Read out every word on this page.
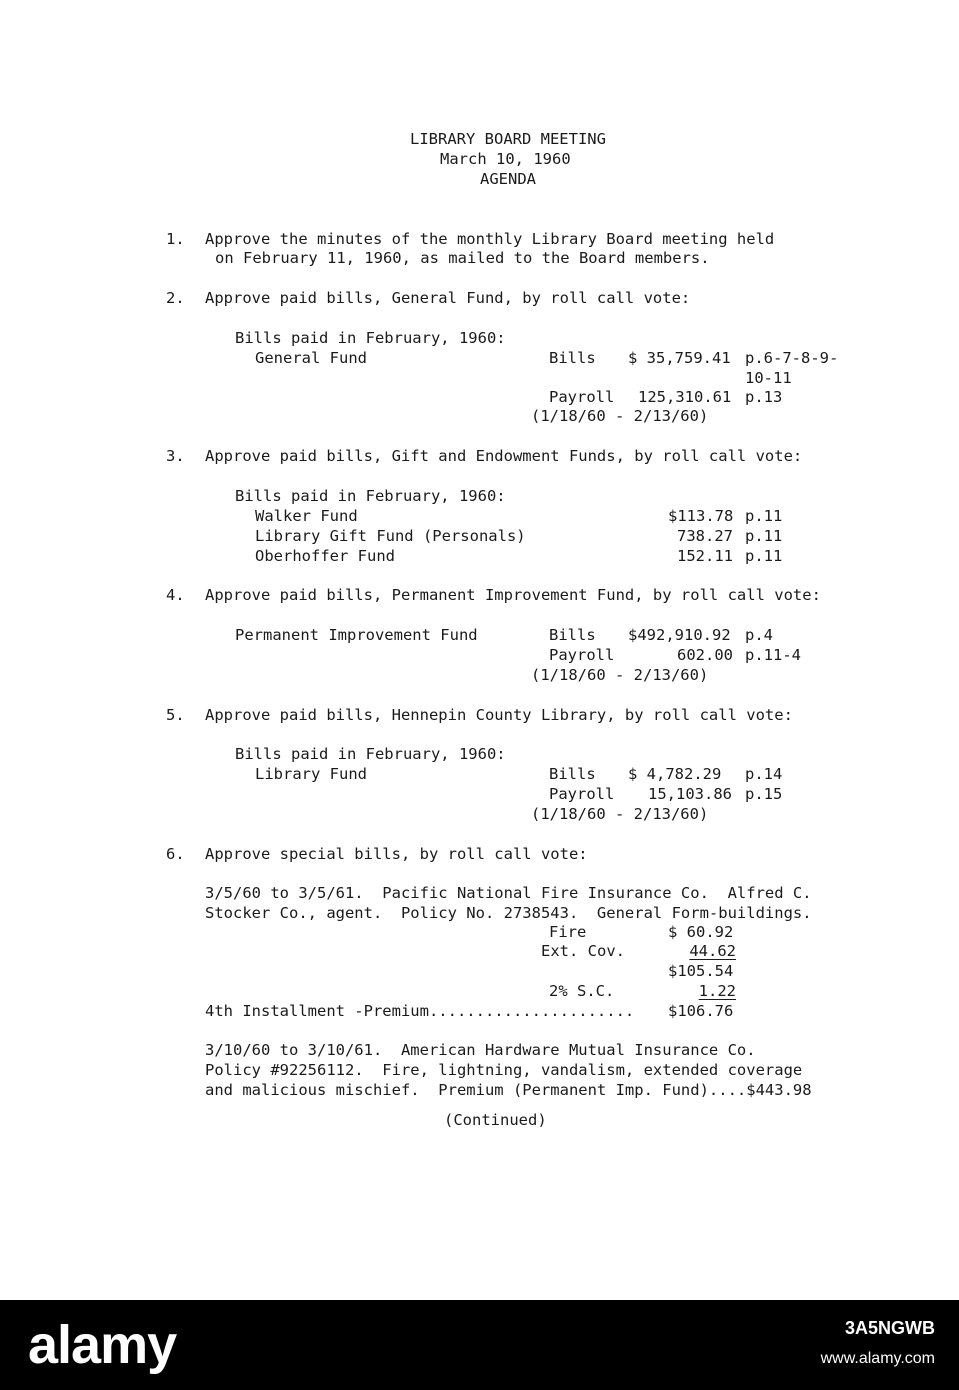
LIBRARY BOARD MEETING
March 10, 1960
AGENDA
1. Approve the minutes of the monthly Library Board meeting held
on February 11, 1960, as mailed to the Board members.
2. Approve paid bills, General Fund, by roll call vote:
Bills paid in February, 1960:
General Fund	Bills $ 35,759.41 p.6-7-8-9-
10-11
Payroll 125,310.61 p.13
(1/18/60 - 2/13/60)
3. Approve paid bills, Gift and Endowment Funds, by roll call vote:
Bills paid in February, 1960:
Walker Fund	$113.78 p.11
Library Gift Fund (Personals)	738.27 p.11
Oberhoffer Fund	152.11 p.11
4. Approve paid bills, Permanent Improvement Fund, by roll call vote:
Permanent Improvement Fund	Bills $492,910.92 p.4
Payroll	602.00 p.11-4
(1/18/60 - 2/13/60)
5. Approve paid bills, Hennepin County Library, by roll call vote:
Bills paid in February, 1960:
Library Fund	Bills $ 4,782.29 p.14
Payroll 15,103.86 p.15
(1/18/60 - 2/13/60)
6. Approve special bills, by roll call vote:
3/5/60 to 3/5/61.  Pacific National Fire Insurance Co.  Alfred C.
Stocker Co., agent.  Policy No. 2738543.  General Form-buildings.
Fire	$ 60.92
Ext. Cov.	44.62
$105.54
2% S.C.	1.22
4th Installment -Premium...................... $106.76
3/10/60 to 3/10/61.  American Hardware Mutual Insurance Co.
Policy #92256112.  Fire, lightning, vandalism, extended coverage
and malicious mischief.  Premium (Permanent Imp. Fund)....$443.98
(Continued)
alamy	3A5NGWB
www.alamy.com
